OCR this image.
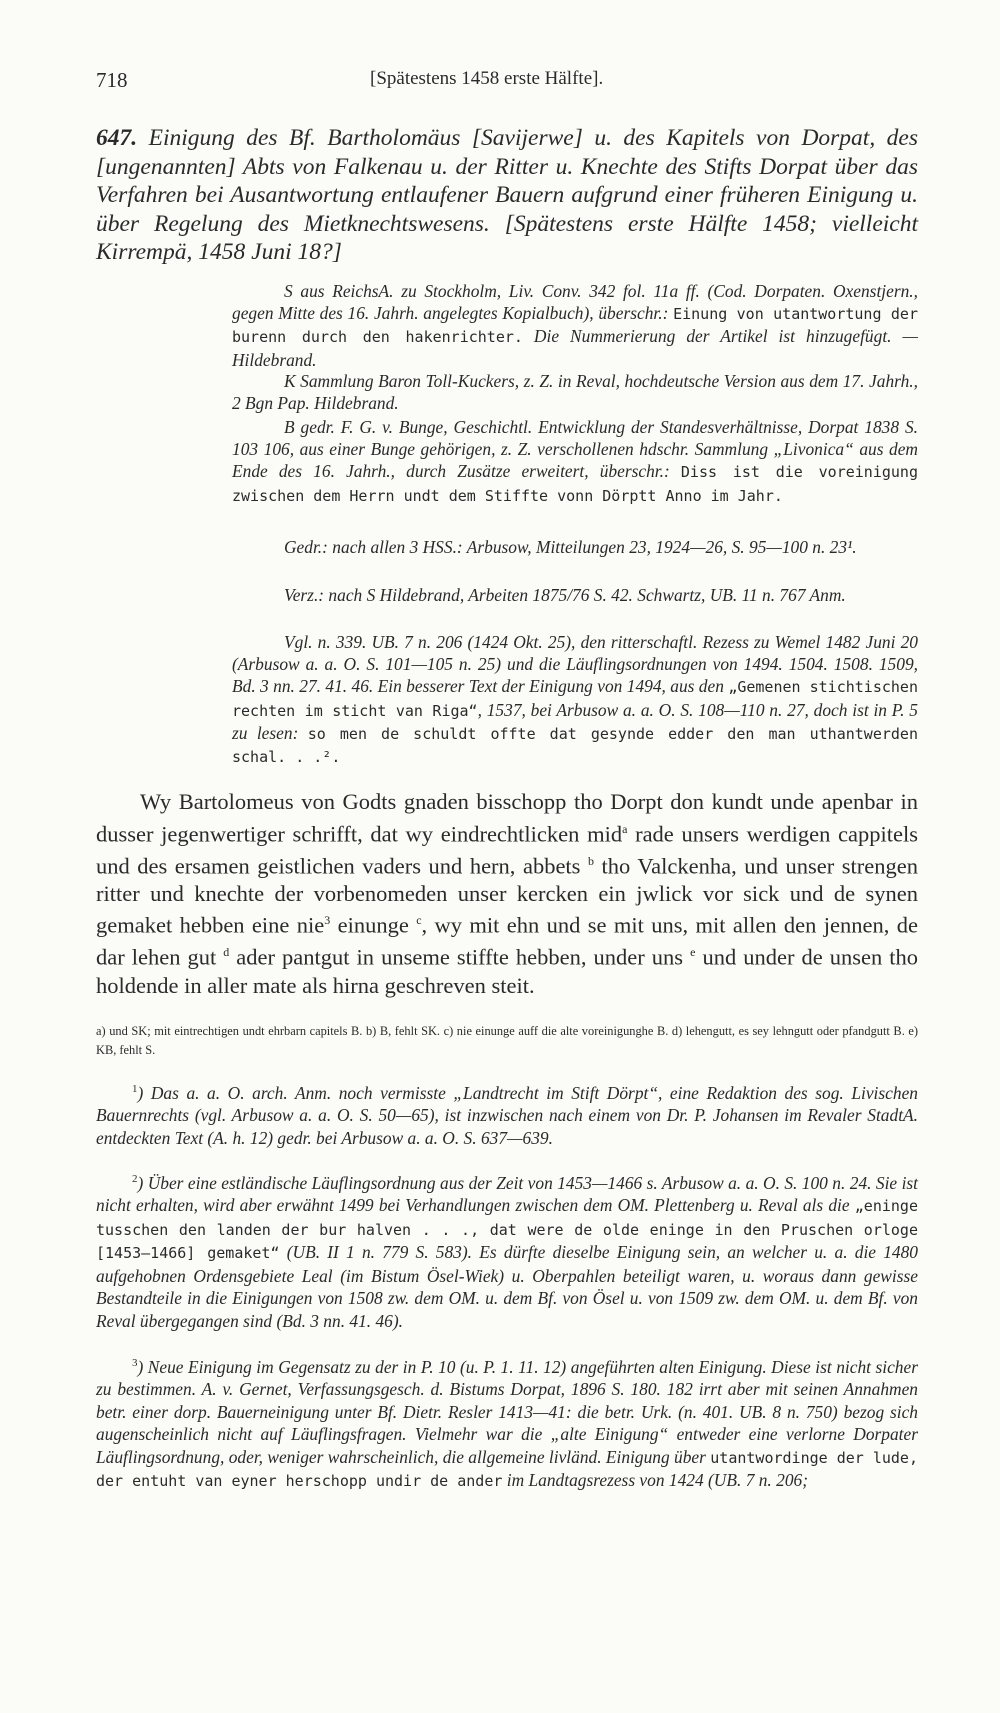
718	[Spätestens 1458 erste Hälfte].

647. Einigung des Bf. Bartholomäus [Savijerwe] u. des Kapitels von Dorpat, des [ungenannten] Abts von Falkenau u. der Ritter u. Knechte des Stifts Dorpat über das Verfahren bei Ausantwortung entlaufener Bauern aufgrund einer früheren Einigung u. über Regelung des Mietknechtswesens. [Spätestens erste Hälfte 1458; vielleicht Kirrempä, 1458 Juni 18?]

S aus ReichsA. zu Stockholm, Liv. Conv. 342 fol. 11a ff. (Cod. Dorpaten. Oxenstjern., gegen Mitte des 16. Jahrh. angelegtes Kopialbuch), überschr.: Einung von utantwortung der burenn durch den hakenrichter. Die Nummerierung der Artikel ist hinzugefügt. — Hildebrand.

K Sammlung Baron Toll-Kuckers, z. Z. in Reval, hochdeutsche Version aus dem 17. Jahrh., 2 Bgn Pap. Hildebrand.

B gedr. F. G. v. Bunge, Geschichtl. Entwicklung der Standesverhältnisse, Dorpat 1838 S. 103 106, aus einer Bunge gehörigen, z. Z. verschollenen hdschr. Sammlung „Livonica“ aus dem Ende des 16. Jahrh., durch Zusätze erweitert, überschr.: Diss ist die voreinigung zwischen dem Herrn undt dem Stiffte vonn Dörptt Anno im Jahr.

Gedr.: nach allen 3 HSS.: Arbusow, Mitteilungen 23, 1924—26, S. 95—100 n. 23¹.

Verz.: nach S Hildebrand, Arbeiten 1875/76 S. 42. Schwartz, UB. 11 n. 767 Anm.

Vgl. n. 339. UB. 7 n. 206 (1424 Okt. 25), den ritterschaftl. Rezess zu Wemel 1482 Juni 20 (Arbusow a. a. O. S. 101—105 n. 25) und die Läuflingsordnungen von 1494. 1504. 1508. 1509, Bd. 3 nn. 27. 41. 46. Ein besserer Text der Einigung von 1494, aus den „Gemenen stichtischen rechten im sticht van Riga“, 1537, bei Arbusow a. a. O. S. 108—110 n. 27, doch ist in P. 5 zu lesen: so men de schuldt offte dat gesynde edder den man uthantwerden schal. . .².

Wy Bartolomeus von Godts gnaden bisschopp tho Dorpt don kundt unde apenbar in dusser jegenwertiger schrifft, dat wy eindrechtlicken mid$^a$ rade unsers werdigen cappitels und des ersamen geistlichen vaders und hern, abbets $^b$ tho Valckenha, und unser strengen ritter und knechte der vorbenomeden unser kercken ein jwlick vor sick und de synen gemaket hebben eine nie$^3$ einunge $^c$, wy mit ehn und se mit uns, mit allen den jennen, de dar lehen gut $^d$ ader pantgut in unseme stiffte hebben, under uns $^e$ und under de unsen tho holdende in aller mate als hirna geschreven steit.

a) und SK; mit eintrechtigen undt ehrbarn capitels B. b) B, fehlt SK. c) nie einunge auff die alte voreinigunghe B. d) lehengutt, es sey lehngutt oder pfandgutt B. e) KB, fehlt S.

$^1$) Das a. a. O. arch. Anm. noch vermisste „Landtrecht im Stift Dörpt“, eine Redaktion des sog. Livischen Bauernrechts (vgl. Arbusow a. a. O. S. 50—65), ist inzwischen nach einem von Dr. P. Johansen im Revaler StadtA. entdeckten Text (A. h. 12) gedr. bei Arbusow a. a. O. S. 637—639.

$^2$) Über eine estländische Läuflingsordnung aus der Zeit von 1453—1466 s. Arbusow a. a. O. S. 100 n. 24. Sie ist nicht erhalten, wird aber erwähnt 1499 bei Verhandlungen zwischen dem OM. Plettenberg u. Reval als die „eninge tusschen den landen der bur halven . . ., dat were de olde eninge in den Pruschen orloge [1453—1466] gemaket“ (UB. II 1 n. 779 S. 583). Es dürfte dieselbe Einigung sein, an welcher u. a. die 1480 aufgehobnen Ordensgebiete Leal (im Bistum Ösel-Wiek) u. Oberpahlen beteiligt waren, u. woraus dann gewisse Bestandteile in die Einigungen von 1508 zw. dem OM. u. dem Bf. von Ösel u. von 1509 zw. dem OM. u. dem Bf. von Reval übergegangen sind (Bd. 3 nn. 41. 46).

$^3$) Neue Einigung im Gegensatz zu der in P. 10 (u. P. 1. 11. 12) angeführten alten Einigung. Diese ist nicht sicher zu bestimmen. A. v. Gernet, Verfassungsgesch. d. Bistums Dorpat, 1896 S. 180. 182 irrt aber mit seinen Annahmen betr. einer dorp. Bauerneinigung unter Bf. Dietr. Resler 1413—41: die betr. Urk. (n. 401. UB. 8 n. 750) bezog sich augenscheinlich nicht auf Läuflingsfragen. Vielmehr war die „alte Einigung“ entweder eine verlorne Dorpater Läuflingsordnung, oder, weniger wahrscheinlich, die allgemeine livländ. Einigung über utantwordinge der lude, der entuht van eyner herschopp undir de ander im Landtagsrezess von 1424 (UB. 7 n. 206;
